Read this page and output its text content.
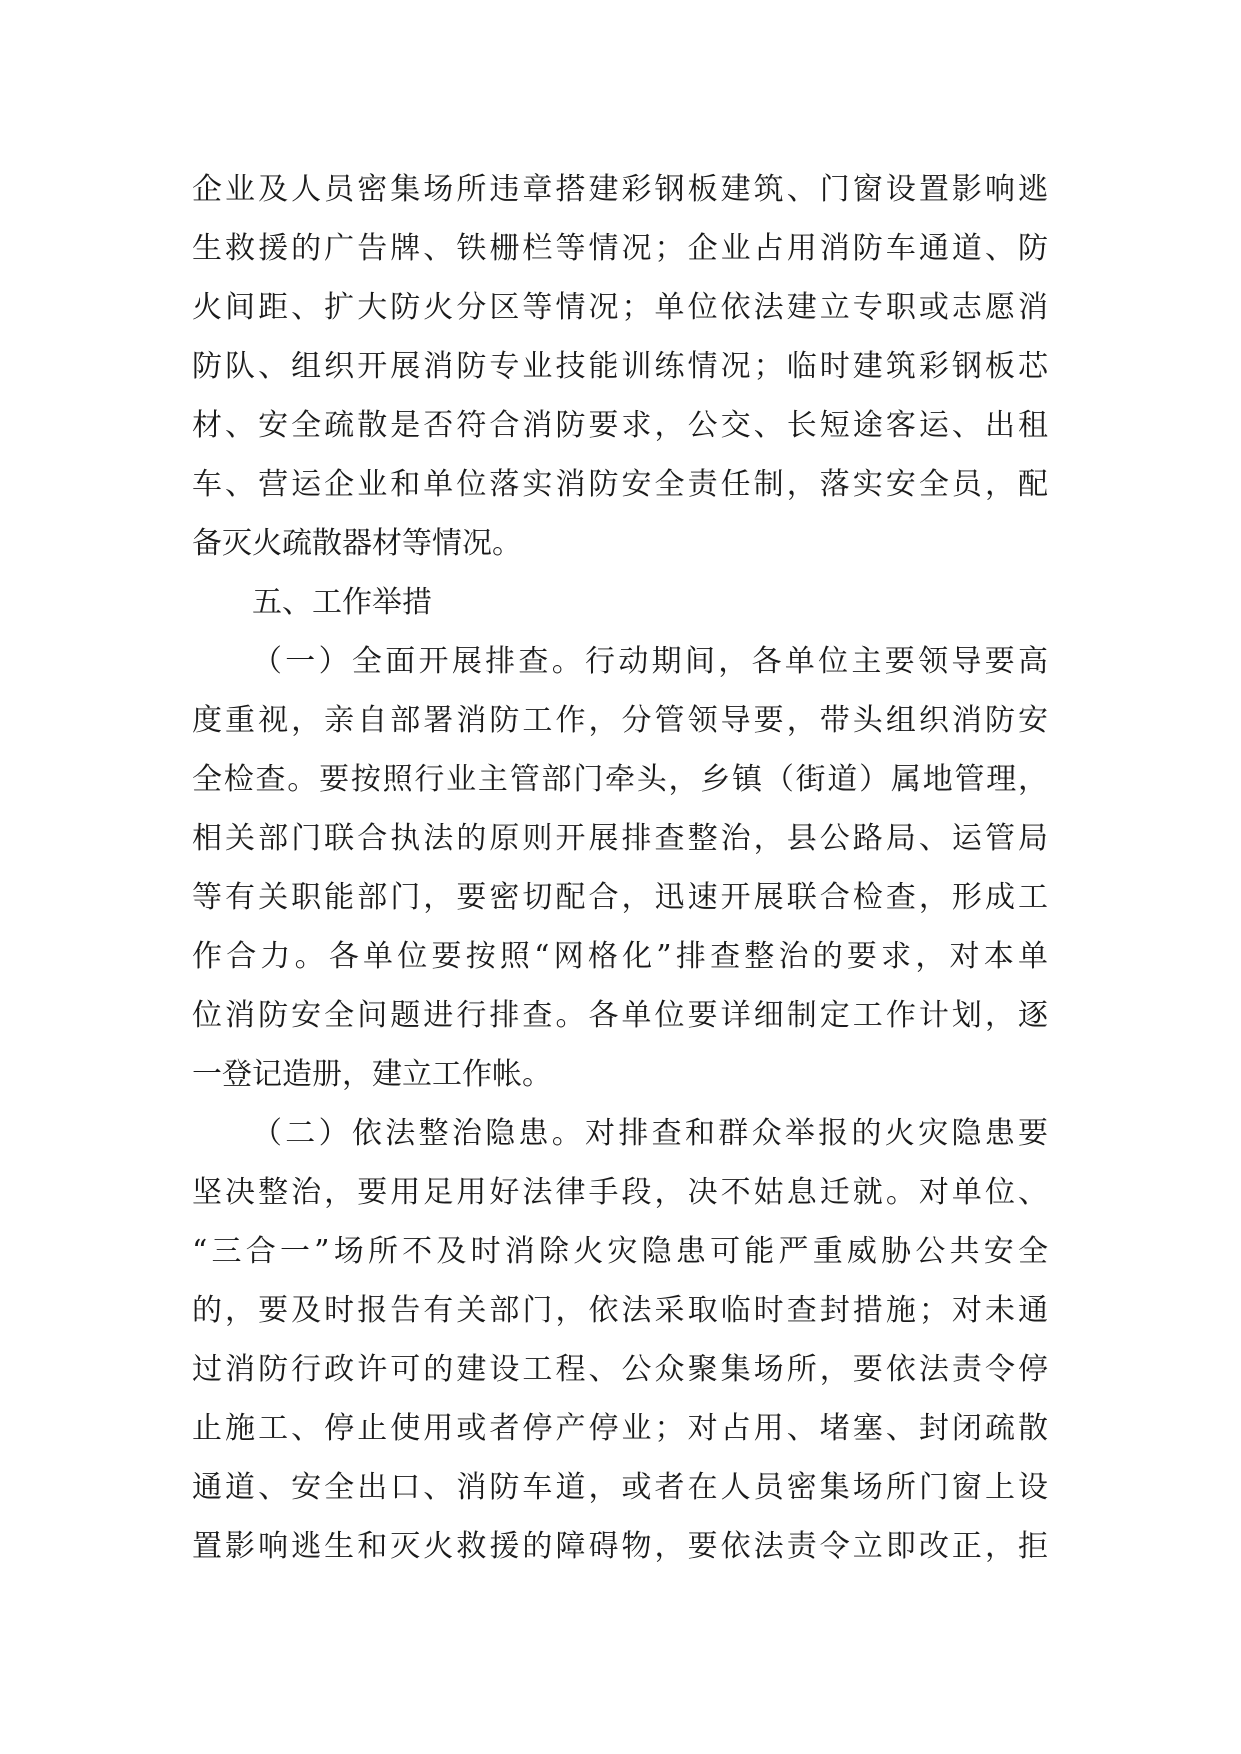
企业及人员密集场所违章搭建彩钢板建筑、门窗设置影响逃
生救援的广告牌、铁栅栏等情况；企业占用消防车通道、防
火间距、扩大防火分区等情况；单位依法建立专职或志愿消
防队、组织开展消防专业技能训练情况；临时建筑彩钢板芯
材、安全疏散是否符合消防要求，公交、长短途客运、出租
车、营运企业和单位落实消防安全责任制，落实安全员，配
备灭火疏散器材等情况。
五、工作举措
（一）全面开展排查。行动期间，各单位主要领导要高
度重视，亲自部署消防工作，分管领导要，带头组织消防安
全检查。要按照行业主管部门牵头，乡镇（街道）属地管理，
相关部门联合执法的原则开展排查整治，县公路局、运管局
等有关职能部门，要密切配合，迅速开展联合检查，形成工
作合力。各单位要按照“网格化”排查整治的要求，对本单
位消防安全问题进行排查。各单位要详细制定工作计划，逐
一登记造册，建立工作帐。
（二）依法整治隐患。对排查和群众举报的火灾隐患要
坚决整治，要用足用好法律手段，决不姑息迁就。对单位、
“三合一”场所不及时消除火灾隐患可能严重威胁公共安全
的，要及时报告有关部门，依法采取临时查封措施；对未通
过消防行政许可的建设工程、公众聚集场所，要依法责令停
止施工、停止使用或者停产停业；对占用、堵塞、封闭疏散
通道、安全出口、消防车道，或者在人员密集场所门窗上设
置影响逃生和灭火救援的障碍物，要依法责令立即改正，拒
